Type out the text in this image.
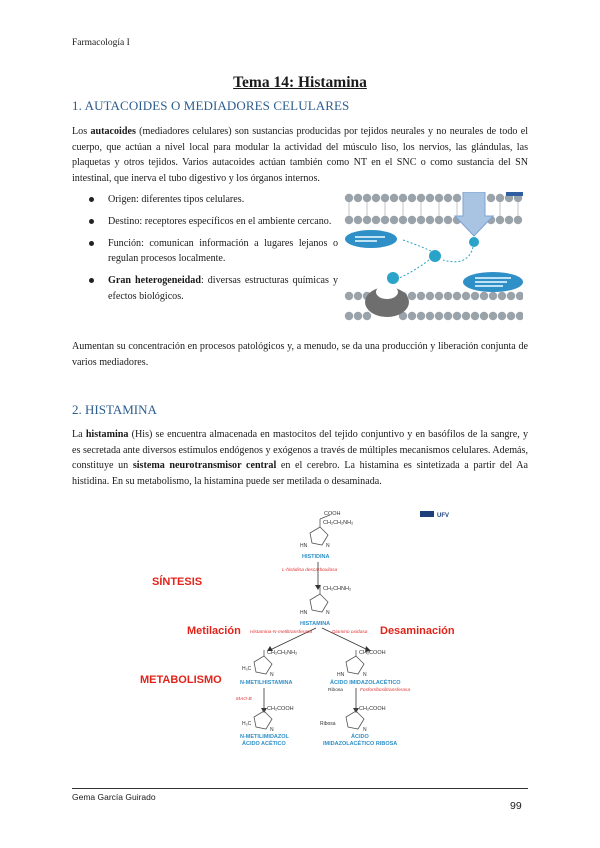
Farmacología I
Tema 14: Histamina
1. AUTACOIDES O MEDIADORES CELULARES
Los autacoides (mediadores celulares) son sustancias producidas por tejidos neurales y no neurales de todo el cuerpo, que actúan a nivel local para modular la actividad del músculo liso, los nervios, las glándulas, las plaquetas y otros tejidos. Varios autacoides actúan también como NT en el SNC o como sustancia del SN intestinal, que inerva el tubo digestivo y los órganos internos.
Origen: diferentes tipos celulares.
Destino: receptores específicos en el ambiente cercano.
Función: comunican información a lugares lejanos o regulan procesos localmente.
Gran heterogeneidad: diversas estructuras químicas y efectos biológicos.
Aumentan su concentración en procesos patológicos y, a menudo, se da una producción y liberación conjunta de varios mediadores.
2. HISTAMINA
La histamina (His) se encuentra almacenada en mastocitos del tejido conjuntivo y en basófilos de la sangre, y es secretada ante diversos estímulos endógenos y exógenos a través de múltiples mecanismos celulares. Además, constituye un sistema neurotransmisor central en el cerebro. La histamina es sintetizada a partir del Aa histidina. En su metabolismo, la histamina puede ser metilada o desaminada.
UFV
COOH
CH₂CH₂NH₂
HN	N
HISTIDINA
L-histidina descarboxilasa
SÍNTESIS
CH₂CHNH₂
HN	N
HISTAMINA
Metilación Histamina-N-metiltransferasa	Diamino oxidasa Desaminación
METABOLISMO
CH₂CH₂NH₂
H₃C
N
N-METILHISTAMINA
CH₂COOH
HN	N
ÁCIDO IMIDAZOLACÉTICO
MAO-B
Ribosa	Fosforribosiltransferasa
CH₂COOH
H₃C
N
N-METILIMIDAZOL
ÁCIDO ACÉTICO
CH₂COOH
Ribosa
N
ÁCIDO
IMIDAZOLACÉTICO RIBOSA
Gema García Guirado
99
